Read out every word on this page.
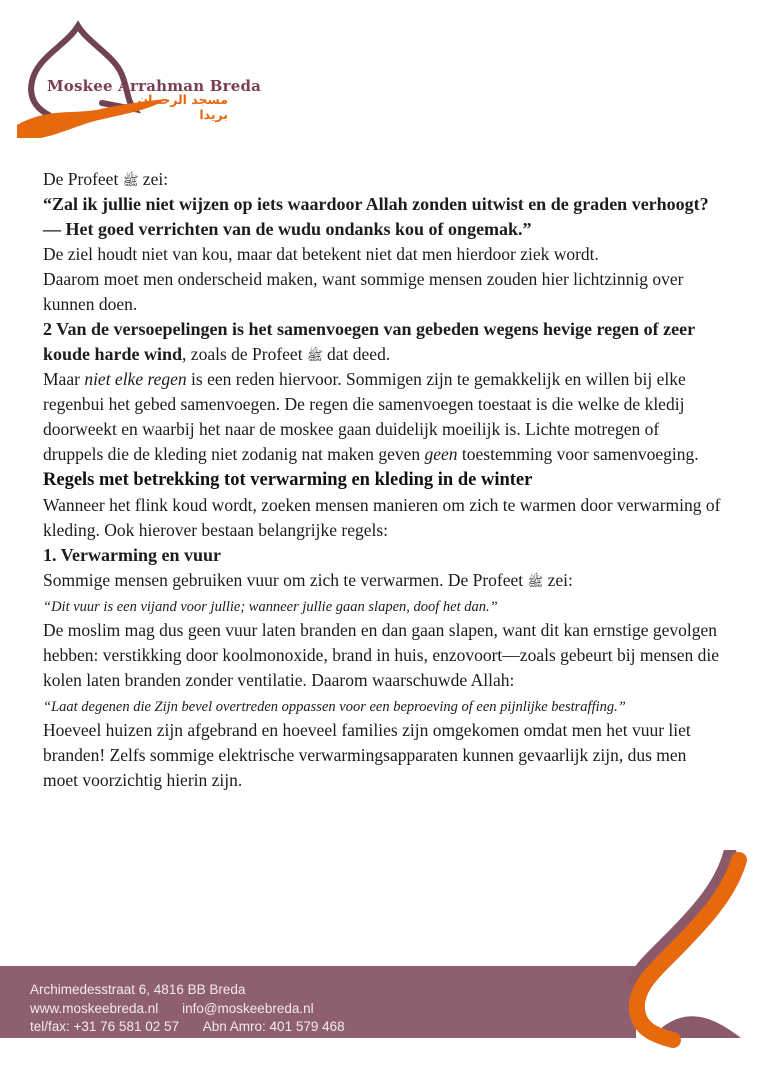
Moskee Arrahman Breda
مسجد الرحمان بريدا

De Profeet ﷺ zei:
“Zal ik jullie niet wijzen op iets waardoor Allah zonden uitwist en de graden verhoogt? — Het goed verrichten van de wudu ondanks kou of ongemak.”
De ziel houdt niet van kou, maar dat betekent niet dat men hierdoor ziek wordt.
Daarom moet men onderscheid maken, want sommige mensen zouden hier lichtzinnig over kunnen doen.

2 Van de versoepelingen is het samenvoegen van gebeden wegens hevige regen of zeer koude harde wind, zoals de Profeet ﷺ dat deed.
Maar niet elke regen is een reden hiervoor. Sommigen zijn te gemakkelijk en willen bij elke regenbui het gebed samenvoegen. De regen die samenvoegen toestaat is die welke de kledij doorweekt en waarbij het naar de moskee gaan duidelijk moeilijk is. Lichte motregen of druppels die de kleding niet zodanig nat maken geven geen toestemming voor samenvoeging.

Regels met betrekking tot verwarming en kleding in de winter

Wanneer het flink koud wordt, zoeken mensen manieren om zich te warmen door verwarming of kleding. Ook hierover bestaan belangrijke regels:

1. Verwarming en vuur
Sommige mensen gebruiken vuur om zich te verwarmen. De Profeet ﷺ zei:
“Dit vuur is een vijand voor jullie; wanneer jullie gaan slapen, doof het dan.”

De moslim mag dus geen vuur laten branden en dan gaan slapen, want dit kan ernstige gevolgen hebben: verstikking door koolmonoxide, brand in huis, enzovoort—zoals gebeurt bij mensen die kolen laten branden zonder ventilatie. Daarom waarschuwde Allah:
“Laat degenen die Zijn bevel overtreden oppassen voor een beproeving of een pijnlijke bestraffing.”
Hoeveel huizen zijn afgebrand en hoeveel families zijn omgekomen omdat men het vuur liet branden! Zelfs sommige elektrische verwarmingsapparaten kunnen gevaarlijk zijn, dus men moet voorzichtig hierin zijn.

Archimedesstraat 6, 4816 BB Breda
www.moskeebreda.nl info@moskeebreda.nl
tel/fax: +31 76 581 02 57 Abn Amro: 401 579 468
